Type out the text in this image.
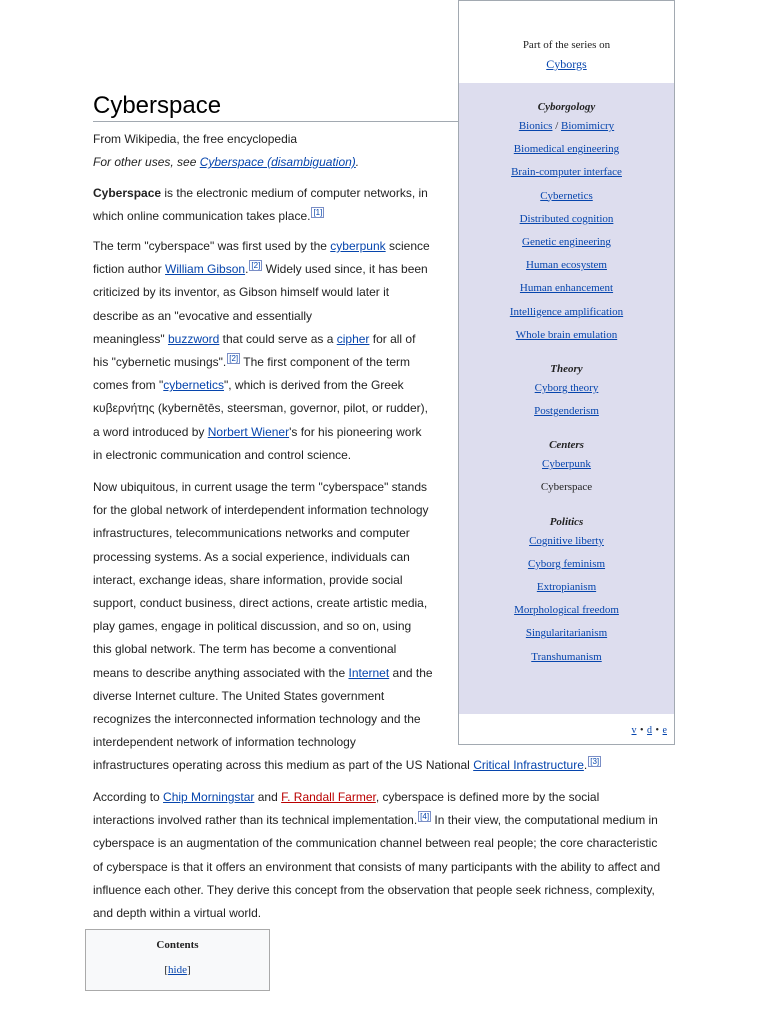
Part of the series on
Cyborgs
Cyborgology
Bionics / Biomimicry
Biomedical engineering
Brain-computer interface
Cybernetics
Distributed cognition
Genetic engineering
Human ecosystem
Human enhancement
Intelligence amplification
Whole brain emulation
Theory
Cyborg theory
Postgenderism
Centers
Cyberpunk
Cyberspace
Politics
Cognitive liberty
Cyborg feminism
Extropianism
Morphological freedom
Singularitarianism
Transhumanism
v • d • e
Cyberspace
From Wikipedia, the free encyclopedia
For other uses, see Cyberspace (disambiguation).
Cyberspace is the electronic medium of computer networks, in
which online communication takes place. [1]
The term "cyberspace" was first used by the cyberpunk science
fiction author William Gibson. [2] Widely used since, it has been
criticized by its inventor, as Gibson himself would later it
describe as an "evocative and essentially
meaningless" buzzword that could serve as a cipher for all of
his "cybernetic musings". [2] The first component of the term
comes from "cybernetics", which is derived from the Greek
κυβερνήτης (kybernētēs, steersman, governor, pilot, or rudder),
a word introduced by Norbert Wiener's for his pioneering work
in electronic communication and control science.
Now ubiquitous, in current usage the term "cyberspace" stands
for the global network of interdependent information technology
infrastructures, telecommunications networks and computer
processing systems. As a social experience, individuals can
interact, exchange ideas, share information, provide social
support, conduct business, direct actions, create artistic media,
play games, engage in political discussion, and so on, using
this global network. The term has become a conventional
means to describe anything associated with the Internet and the
diverse Internet culture. The United States government
recognizes the interconnected information technology and the
interdependent network of information technology
infrastructures operating across this medium as part of the US National Critical Infrastructure. [3]
According to Chip Morningstar and F. Randall Farmer, cyberspace is defined more by the social
interactions involved rather than its technical implementation. [4] In their view, the computational medium in
cyberspace is an augmentation of the communication channel between real people; the core characteristic
of cyberspace is that it offers an environment that consists of many participants with the ability to affect and
influence each other. They derive this concept from the observation that people seek richness, complexity,
and depth within a virtual world.
Contents
[hide]
